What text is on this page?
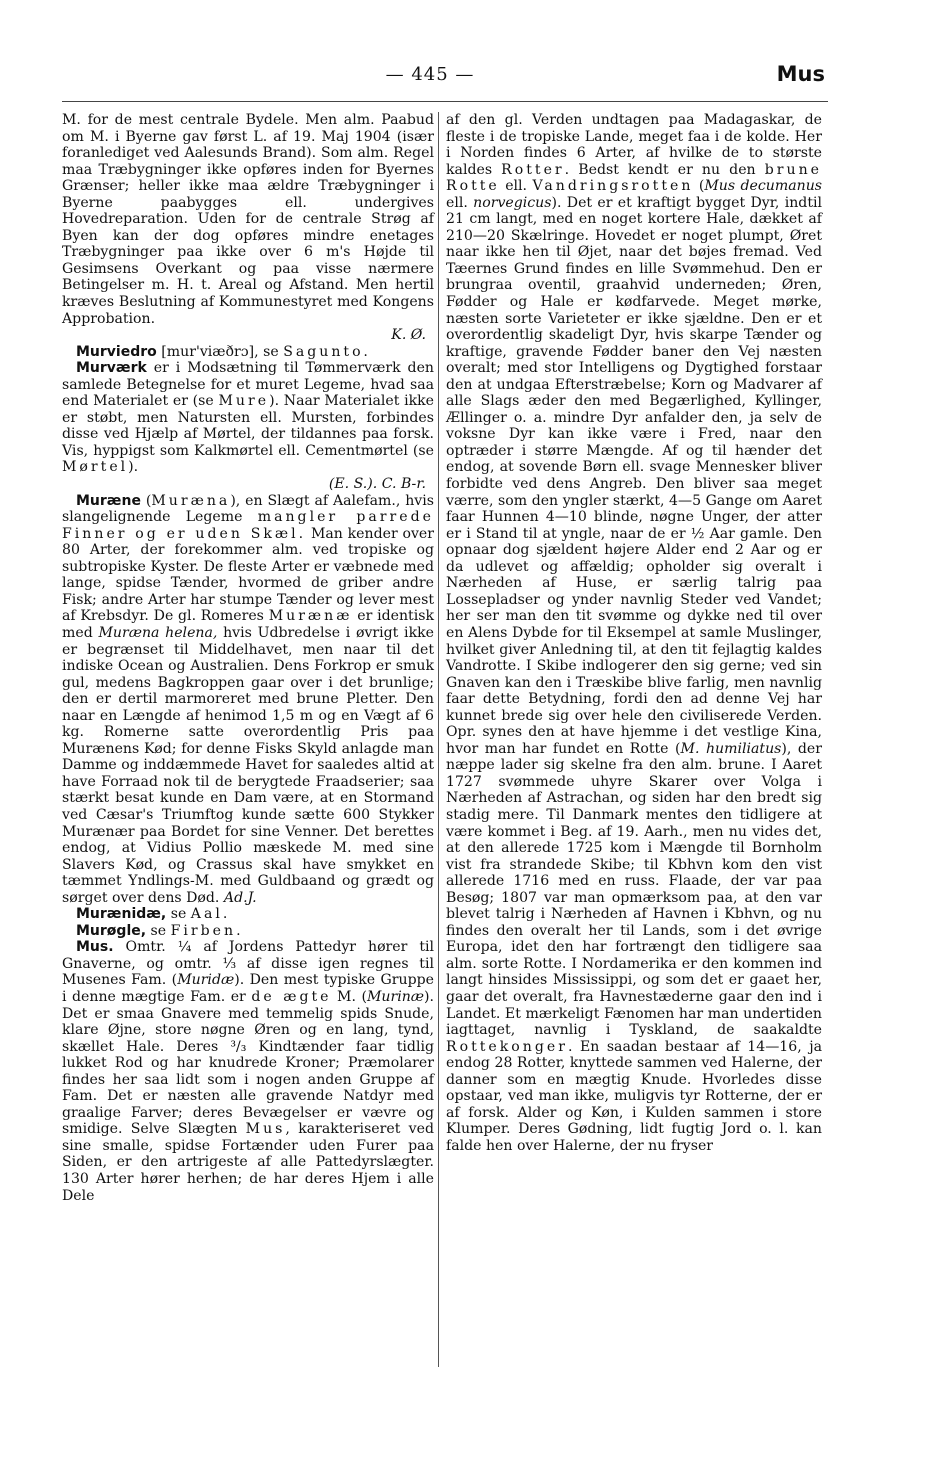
— 445 —	Mus

M. for de mest centrale Bydele. Men alm. Paabud om M. i Byerne gav først L. af 19. Maj 1904 (især foranlediget ved Aalesunds Brand). Som alm. Regel maa Træbygninger ikke opføres inden for Byernes Grænser; heller ikke maa ældre Træbygninger i Byerne paabygges ell. undergives Hovedreparation. Uden for de centrale Strøg af Byen kan der dog opføres mindre enetages Træbygninger paa ikke over 6 m's Højde til Gesimsens Overkant og paa visse nærmere Betingelser m. H. t. Areal og Afstand. Men hertil kræves Beslutning af Kommunestyret med Kongens Approbation.
K. Ø.

Murviedro [mur'viæðrɔ], se Sagunto.

Murværk er i Modsætning til Tømmerværk den samlede Betegnelse for et muret Legeme, hvad saa end Materialet er (se Mure). Naar Materialet ikke er støbt, men Natursten ell. Mursten, forbindes disse ved Hjælp af Mørtel, der tildannes paa forsk. Vis, hyppigst som Kalkmørtel ell. Cementmørtel (se Mørtel).
(E. S.). C. B-r.

Muræne (Muræna), en Slægt af Aalefam., hvis slangelignende Legeme mangler parrede Finner og er uden Skæl. Man kender over 80 Arter, der forekommer alm. ved tropiske og subtropiske Kyster. De fleste Arter er væbnede med lange, spidse Tænder, hvormed de griber andre Fisk; andre Arter har stumpe Tænder og lever mest af Krebsdyr. De gl. Romeres Murænæ er identisk med Muræna helena, hvis Udbredelse i øvrigt ikke er begrænset til Middelhavet, men naar til det indiske Ocean og Australien. Dens Forkrop er smuk gul, medens Bagkroppen gaar over i det brunlige; den er dertil marmoreret med brune Pletter. Den naar en Længde af henimod 1,5 m og en Vægt af 6 kg. Romerne satte overordentlig Pris paa Murænens Kød; for denne Fisks Skyld anlagde man Damme og inddæmmede Havet for saaledes altid at have Forraad nok til de berygtede Fraadserier; saa stærkt besat kunde en Dam være, at en Stormand ved Cæsar's Triumftog kunde sætte 600 Stykker Murænær paa Bordet for sine Venner. Det berettes endog, at Vidius Pollio mæskede M. med sine Slavers Kød, og Crassus skal have smykket en tæmmet Yndlings-M. med Guldbaand og grædt og sørget over dens Død. Ad.J.

Murænidæ, se Aal.

Murøgle, se Firben.

Mus. Omtr. ¼ af Jordens Pattedyr hører til Gnaverne, og omtr. ⅓ af disse igen regnes til Musenes Fam. (Muridæ). Den mest typiske Gruppe i denne mægtige Fam. er de ægte M. (Murinæ). Det er smaa Gnavere med temmelig spids Snude, klare Øjne, store nøgne Øren og en lang, tynd, skællet Hale. Deres ³/₃ Kindtænder faar tidlig lukket Rod og har knudrede Kroner; Præmolarer findes her saa lidt som i nogen anden Gruppe af Fam. Det er næsten alle gravende Natdyr med graalige Farver; deres Bevægelser er vævre og smidige. Selve Slægten Mus, karakteriseret ved sine smalle, spidse Fortænder uden Furer paa Siden, er den artrigeste af alle Pattedyrslægter. 130 Arter hører herhen; de har deres Hjem i alle Dele

af den gl. Verden undtagen paa Madagaskar, de fleste i de tropiske Lande, meget faa i de kolde. Her i Norden findes 6 Arter, af hvilke de to største kaldes Rotter. Bedst kendt er nu den brune Rotte ell. Vandringsrotten (Mus decumanus ell. norvegicus). Det er et kraftigt bygget Dyr, indtil 21 cm langt, med en noget kortere Hale, dækket af 210—20 Skælringe. Hovedet er noget plumpt, Øret naar ikke hen til Øjet, naar det bøjes fremad. Ved Tæernes Grund findes en lille Svømmehud. Den er brungraa oventil, graahvid underneden; Øren, Fødder og Hale er kødfarvede. Meget mørke, næsten sorte Varieteter er ikke sjældne. Den er et overordentlig skadeligt Dyr, hvis skarpe Tænder og kraftige, gravende Fødder baner den Vej næsten overalt; med stor Intelligens og Dygtighed forstaar den at undgaa Efterstræbelse; Korn og Madvarer af alle Slags æder den med Begærlighed, Kyllinger, Ællinger o. a. mindre Dyr anfalder den, ja selv de voksne Dyr kan ikke være i Fred, naar den optræder i større Mængde. Af og til hænder det endog, at sovende Børn ell. svage Mennesker bliver forbidte ved dens Angreb. Den bliver saa meget værre, som den yngler stærkt, 4—5 Gange om Aaret faar Hunnen 4—10 blinde, nøgne Unger, der atter er i Stand til at yngle, naar de er ½ Aar gamle. Den opnaar dog sjældent højere Alder end 2 Aar og er da udlevet og affældig; opholder sig overalt i Nærheden af Huse, er særlig talrig paa Lossepladser og ynder navnlig Steder ved Vandet; her ser man den tit svømme og dykke ned til over en Alens Dybde for til Eksempel at samle Muslinger, hvilket giver Anledning til, at den tit fejlagtig kaldes Vandrotte. I Skibe indlogerer den sig gerne; ved sin Gnaven kan den i Træskibe blive farlig, men navnlig faar dette Betydning, fordi den ad denne Vej har kunnet brede sig over hele den civiliserede Verden. Opr. synes den at have hjemme i det vestlige Kina, hvor man har fundet en Rotte (M. humiliatus), der næppe lader sig skelne fra den alm. brune. I Aaret 1727 svømmede uhyre Skarer over Volga i Nærheden af Astrachan, og siden har den bredt sig stadig mere. Til Danmark mentes den tidligere at være kommet i Beg. af 19. Aarh., men nu vides det, at den allerede 1725 kom i Mængde til Bornholm vist fra strandede Skibe; til Kbhvn kom den vist allerede 1716 med en russ. Flaade, der var paa Besøg; 1807 var man opmærksom paa, at den var blevet talrig i Nærheden af Havnen i Kbhvn, og nu findes den overalt her til Lands, som i det øvrige Europa, idet den har fortrængt den tidligere saa alm. sorte Rotte. I Nordamerika er den kommen ind langt hinsides Mississippi, og som det er gaaet her, gaar det overalt, fra Havnestæderne gaar den ind i Landet. Et mærkeligt Fænomen har man undertiden iagttaget, navnlig i Tyskland, de saakaldte Rottekonger. En saadan bestaar af 14—16, ja endog 28 Rotter, knyttede sammen ved Halerne, der danner som en mægtig Knude. Hvorledes disse opstaar, ved man ikke, muligvis tyr Rotterne, der er af forsk. Alder og Køn, i Kulden sammen i store Klumper. Deres Gødning, lidt fugtig Jord o. l. kan falde hen over Halerne, der nu fryser
